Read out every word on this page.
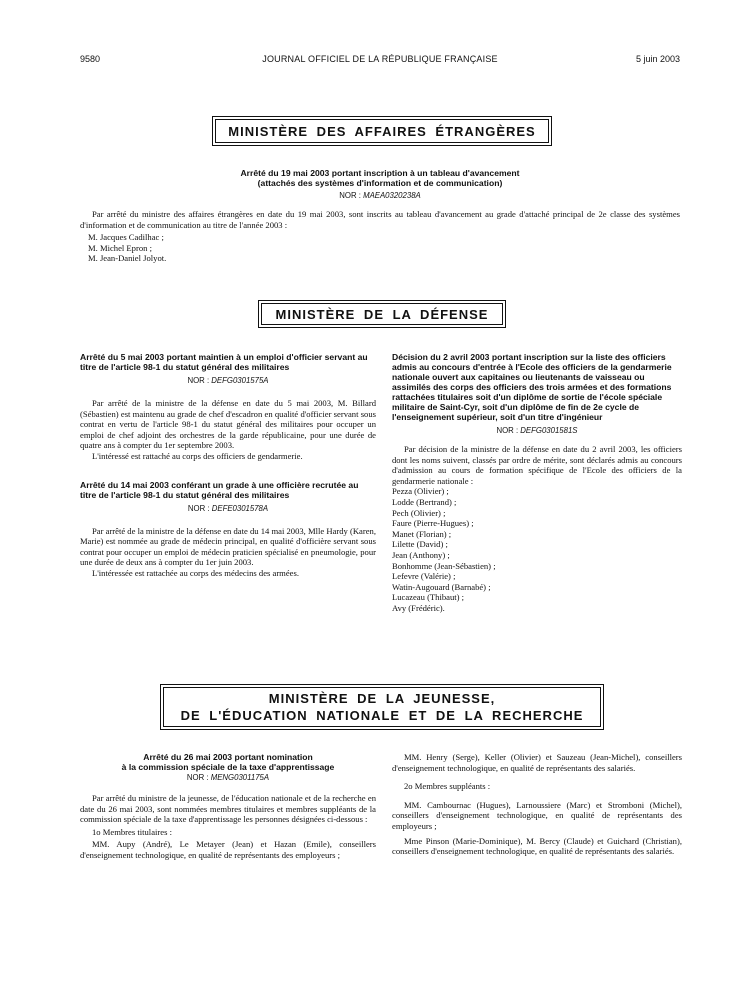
9580	JOURNAL OFFICIEL DE LA RÉPUBLIQUE FRANÇAISE	5 juin 2003
MINISTÈRE DES AFFAIRES ÉTRANGÈRES
Arrêté du 19 mai 2003 portant inscription à un tableau d'avancement
(attachés des systèmes d'information et de communication)
NOR : MAEA0320238A

Par arrêté du ministre des affaires étrangères en date du 19 mai 2003, sont inscrits au tableau d'avancement au grade d'attaché principal de 2e classe des systèmes d'information et de communication au titre de l'année 2003 :

M. Jacques Cadilhac ;

M. Michel Epron ;

M. Jean-Daniel Jolyot.

MINISTÈRE DE LA DÉFENSE
Arrêté du 5 mai 2003 portant maintien à un emploi d'officier servant au titre de l'article 98-1 du statut général des militaires
NOR : DEFG0301575A

Par arrêté de la ministre de la défense en date du 5 mai 2003, M. Billard (Sébastien) est maintenu au grade de chef d'escadron en qualité d'officier servant sous contrat en vertu de l'article 98-1 du statut général des militaires pour occuper un emploi de chef adjoint des orchestres de la garde républicaine, pour une durée de quatre ans à compter du 1er septembre 2003.

L'intéressé est rattaché au corps des officiers de gendarmerie.

Arrêté du 14 mai 2003 conférant un grade à une officière recrutée au titre de l'article 98-1 du statut général des militaires
NOR : DEFE0301578A

Par arrêté de la ministre de la défense en date du 14 mai 2003, Mlle Hardy (Karen, Marie) est nommée au grade de médecin principal, en qualité d'officière servant sous contrat pour occuper un emploi de médecin praticien spécialisé en pneumologie, pour une durée de deux ans à compter du 1er juin 2003.

L'intéressée est rattachée au corps des médecins des armées.

Décision du 2 avril 2003 portant inscription sur la liste des officiers admis au concours d'entrée à l'Ecole des officiers de la gendarmerie nationale ouvert aux capitaines ou lieutenants de vaisseau ou assimilés des corps des officiers des trois armées et des formations rattachées titulaires soit d'un diplôme de sortie de l'école spéciale militaire de Saint-Cyr, soit d'un diplôme de fin de 2e cycle de l'enseignement supérieur, soit d'un titre d'ingénieur
NOR : DEFG0301581S

Par décision de la ministre de la défense en date du 2 avril 2003, les officiers dont les noms suivent, classés par ordre de mérite, sont déclarés admis au concours d'admission au cours de formation spécifique de l'Ecole des officiers de la gendarmerie nationale :

Pezza (Olivier) ;

Lodde (Bertrand) ;

Pech (Olivier) ;

Faure (Pierre-Hugues) ;

Manet (Florian) ;

Lilette (David) ;

Jean (Anthony) ;

Bonhomme (Jean-Sébastien) ;

Lefevre (Valérie) ;

Watin-Augouard (Barnabé) ;

Lucazeau (Thibaut) ;

Avy (Frédéric).

MINISTÈRE DE LA JEUNESSE,
DE L'ÉDUCATION NATIONALE ET DE LA RECHERCHE
Arrêté du 26 mai 2003 portant nomination
à la commission spéciale de la taxe d'apprentissage
NOR : MENG0301175A

Par arrêté du ministre de la jeunesse, de l'éducation nationale et de la recherche en date du 26 mai 2003, sont nommées membres titulaires et membres suppléants de la commission spéciale de la taxe d'apprentissage les personnes désignées ci-dessous :

1o Membres titulaires :

MM. Aupy (André), Le Metayer (Jean) et Hazan (Emile), conseillers d'enseignement technologique, en qualité de représentants des employeurs ;

MM. Henry (Serge), Keller (Olivier) et Sauzeau (Jean-Michel), conseillers d'enseignement technologique, en qualité de représentants des salariés.

2o Membres suppléants :

MM. Cambournac (Hugues), Larnoussiere (Marc) et Stromboni (Michel), conseillers d'enseignement technologique, en qualité de représentants des employeurs ;

Mme Pinson (Marie-Dominique), M. Bercy (Claude) et Guichard (Christian), conseillers d'enseignement technologique, en qualité de représentants des salariés.
